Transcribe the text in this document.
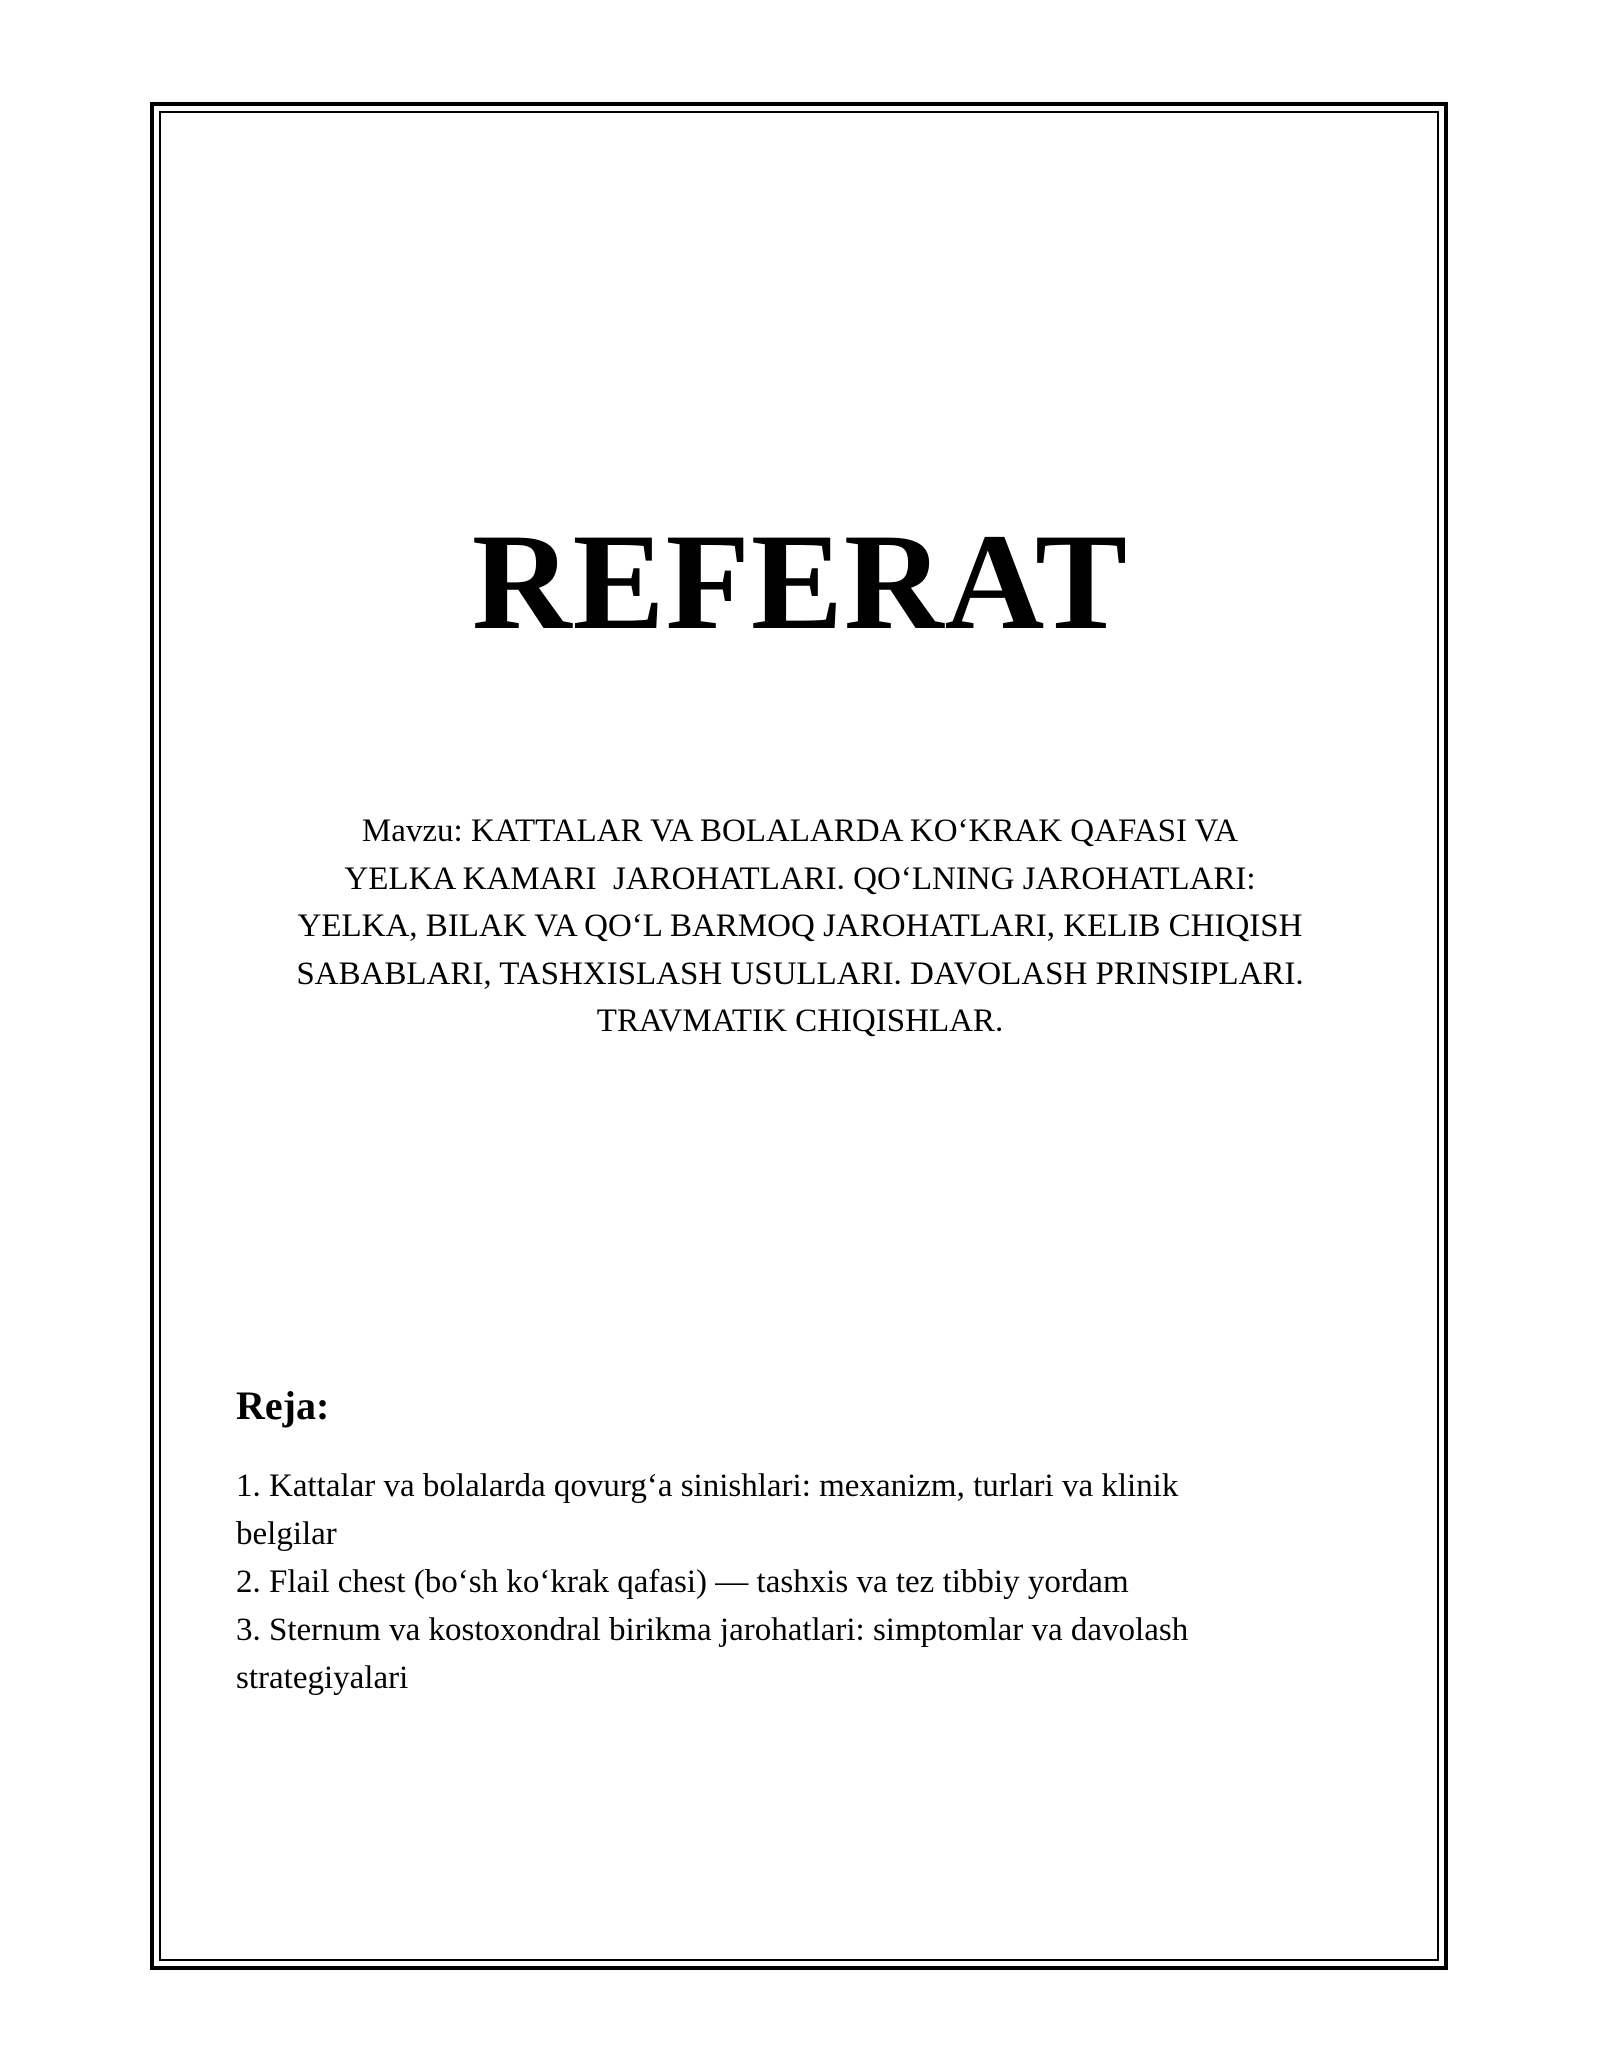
REFERAT
Mavzu: KATTALAR VA BOLALARDA KO‘KRAK QAFASI VA
YELKA KAMARI  JAROHATLARI. QO‘LNING JAROHATLARI:
YELKA, BILAK VA QO‘L BARMOQ JAROHATLARI, KELIB CHIQISH
SABABLARI, TASHXISLASH USULLARI. DAVOLASH PRINSIPLARI.
TRAVMATIK CHIQISHLAR.
Reja:
1. Kattalar va bolalarda qovurg‘a sinishlari: mexanizm, turlari va klinik
belgilar
2. Flail chest (bo‘sh ko‘krak qafasi) — tashxis va tez tibbiy yordam
3. Sternum va kostoxondral birikma jarohatlari: simptomlar va davolash
strategiyalari
